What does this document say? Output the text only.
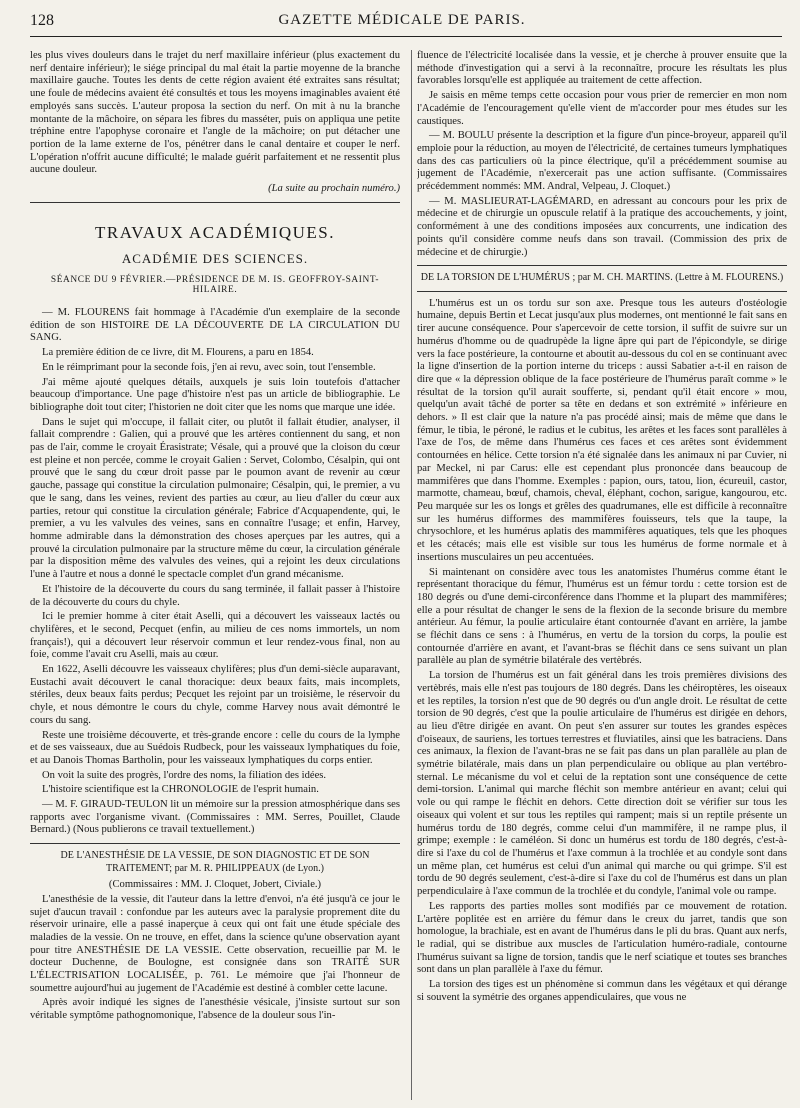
128	GAZETTE MÉDICALE DE PARIS.

les plus vives douleurs dans le trajet du nerf maxillaire inférieur (plus exactement du nerf dentaire inférieur); le siége principal du mal était la partie moyenne de la branche maxillaire gauche. Toutes les dents de cette région avaient été extraites sans résultat; une foule de médecins avaient été consultés et tous les moyens imaginables avaient été employés sans succès. L'auteur proposa la section du nerf. On mit à nu la branche montante de la mâchoire, on sépara les fibres du masséter, puis on appliqua une petite tréphine entre l'apophyse coronaire et l'angle de la mâchoire; on put détacher une portion de la lame externe de l'os, pénétrer dans le canal dentaire et couper le nerf. L'opération n'offrit aucune difficulté; le malade guérit parfaitement et ne ressentit plus aucune douleur.

(La suite au prochain numéro.)
TRAVAUX ACADÉMIQUES.
ACADÉMIE DES SCIENCES.
SÉANCE DU 9 FÉVRIER.—PRÉSIDENCE DE M. IS. GEOFFROY-SAINT-HILAIRE.

— M. FLOURENS fait hommage à l'Académie d'un exemplaire de la seconde édition de son HISTOIRE DE LA DÉCOUVERTE DE LA CIRCULATION DU SANG.

La première édition de ce livre, dit M. Flourens, a paru en 1854.

En le réimprimant pour la seconde fois, j'en ai revu, avec soin, tout l'ensemble.

J'ai même ajouté quelques détails, auxquels je suis loin toutefois d'attacher beaucoup d'importance. Une page d'histoire n'est pas un article de bibliographie. Le bibliographe doit tout citer; l'historien ne doit citer que les noms que marque une idée.

Dans le sujet qui m'occupe, il fallait citer, ou plutôt il fallait étudier, analyser, il fallait comprendre : Galien, qui a prouvé que les artères contiennent du sang, et non pas de l'air, comme le croyait Érasistrate; Vésale, qui a prouvé que la cloison du cœur est pleine et non percée, comme le croyait Galien : Servet, Colombo, Césalpin, qui ont prouvé que le sang du cœur droit passe par le poumon avant de revenir au cœur gauche, passage qui constitue la circulation pulmonaire; Césalpin, qui, le premier, a vu que le sang, dans les veines, revient des parties au cœur, au lieu d'aller du cœur aux parties, retour qui constitue la circulation générale; Fabrice d'Acquapendente, qui, le premier, a vu les valvules des veines, sans en connaître l'usage; et enfin, Harvey, homme admirable dans la démonstration des choses aperçues par les autres, qui a prouvé la circulation pulmonaire par la structure même du cœur, la circulation générale par la disposition même des valvules des veines, qui a rejoint les deux circulations l'une à l'autre et nous a donné le spectacle complet d'un grand mécanisme.

Et l'histoire de la découverte du cours du sang terminée, il fallait passer à l'histoire de la découverte du cours du chyle.

Ici le premier homme à citer était Aselli, qui a découvert les vaisseaux lactés ou chylifères, et le second, Pecquet (enfin, au milieu de ces noms immortels, un nom français!), qui a découvert leur réservoir commun et leur rendez-vous final, non au foie, comme l'avait cru Aselli, mais au cœur.

En 1622, Aselli découvre les vaisseaux chylifères; plus d'un demi-siècle auparavant, Eustachi avait découvert le canal thoracique: deux beaux faits, mais incomplets, stériles, deux beaux faits perdus; Pecquet les rejoint par un troisième, le réservoir du chyle, et nous démontre le cours du chyle, comme Harvey nous avait démontré le cours du sang.

Reste une troisième découverte, et très-grande encore : celle du cours de la lymphe et de ses vaisseaux, due au Suédois Rudbeck, pour les vaisseaux lymphatiques du foie, et au Danois Thomas Bartholin, pour les vaisseaux lymphatiques du corps entier.

On voit la suite des progrès, l'ordre des noms, la filiation des idées.

L'histoire scientifique est la CHRONOLOGIE de l'esprit humain.

— M. F. GIRAUD-TEULON lit un mémoire sur la pression atmosphérique dans ses rapports avec l'organisme vivant. (Commissaires : MM. Serres, Pouillet, Claude Bernard.) (Nous publierons ce travail textuellement.)

DE L'ANESTHÉSIE DE LA VESSIE, DE SON DIAGNOSTIC ET DE SON TRAITEMENT; par M. R. PHILIPPEAUX (de Lyon.)

(Commissaires : MM. J. Cloquet, Jobert, Civiale.)

L'anesthésie de la vessie, dit l'auteur dans la lettre d'envoi, n'a été jusqu'à ce jour le sujet d'aucun travail : confondue par les auteurs avec la paralysie proprement dite du réservoir urinaire, elle a passé inaperçue à ceux qui ont fait une étude spéciale des maladies de la vessie. On ne trouve, en effet, dans la science qu'une observation ayant pour titre ANESTHÉSIE DE LA VESSIE. Cette observation, recueillie par M. le docteur Duchenne, de Boulogne, est consignée dans son TRAITÉ SUR L'ÉLECTRISATION LOCALISÉE, p. 761. Le mémoire que j'ai l'honneur de soumettre aujourd'hui au jugement de l'Académie est destiné à combler cette lacune.

Après avoir indiqué les signes de l'anesthésie vésicale, j'insiste surtout sur son véritable symptôme pathognomonique, l'absence de la douleur sous l'in-

fluence de l'électricité localisée dans la vessie, et je cherche à prouver ensuite que la méthode d'investigation qui a servi à la reconnaître, procure les résultats les plus favorables lorsqu'elle est appliquée au traitement de cette affection.

Je saisis en même temps cette occasion pour vous prier de remercier en mon nom l'Académie de l'encouragement qu'elle vient de m'accorder pour mes études sur les caustiques.

— M. BOULU présente la description et la figure d'un pince-broyeur, appareil qu'il emploie pour la réduction, au moyen de l'électricité, de certaines tumeurs lymphatiques dans des cas particuliers où la pince électrique, qu'il a précédemment soumise au jugement de l'Académie, n'exercerait pas une action suffisante. (Commissaires précédemment nommés: MM. Andral, Velpeau, J. Cloquet.)

— M. MASLIEURAT-LAGÉMARD, en adressant au concours pour les prix de médecine et de chirurgie un opuscule relatif à la pratique des accouchements, y joint, conformément à une des conditions imposées aux concurrents, une indication des points qu'il considère comme neufs dans son travail. (Commission des prix de médecine et de chirurgie.)

DE LA TORSION DE L'HUMÉRUS ; par M. CH. MARTINS. (Lettre à M. FLOURENS.)

L'humérus est un os tordu sur son axe. Presque tous les auteurs d'ostéologie humaine, depuis Bertin et Lecat jusqu'aux plus modernes, ont mentionné le fait sans en tirer aucune conséquence. Pour s'apercevoir de cette torsion, il suffit de suivre sur un humérus d'homme ou de quadrupède la ligne âpre qui part de l'épicondyle, se dirige vers la face postérieure, la contourne et aboutit au-dessous du col en se continuant avec la ligne d'insertion de la portion interne du triceps : aussi Sabatier a-t-il en raison de dire que « la dépression oblique de la face postérieure de l'humérus paraît comme » le résultat de la torsion qu'il aurait soufferte, si, pendant qu'il était encore » mou, quelqu'un avait tâché de porter sa tête en dedans et son extrémité » inférieure en dehors. » Il est clair que la nature n'a pas procédé ainsi; mais de même que dans le fémur, le tibia, le péroné, le radius et le cubitus, les arêtes et les faces sont parallèles à l'axe de l'os, de même dans l'humérus ces faces et ces arêtes sont évidemment contournées en hélice. Cette torsion n'a été signalée dans les animaux ni par Cuvier, ni par Meckel, ni par Carus: elle est cependant plus prononcée dans beaucoup de mammifères que dans l'homme. Exemples : papion, ours, tatou, lion, écureuil, castor, marmotte, chameau, bœuf, chamois, cheval, éléphant, cochon, sarigue, kangourou, etc. Peu marquée sur les os longs et grêles des quadrumanes, elle est difficile à reconnaître sur les humérus difformes des mammifères fouisseurs, tels que la taupe, la chrysochlore, et les humérus aplatis des mammifères aquatiques, tels que les phoques et les cétacés; mais elle est visible sur tous les humérus de forme normale et à insertions musculaires un peu accentuées.

Si maintenant on considère avec tous les anatomistes l'humérus comme étant le représentant thoracique du fémur, l'humérus est un fémur tordu : cette torsion est de 180 degrés ou d'une demi-circonférence dans l'homme et la plupart des mammifères; elle a pour résultat de changer le sens de la flexion de la seconde brisure du membre antérieur. Au fémur, la poulie articulaire étant contournée d'avant en arrière, la jambe se fléchit dans ce sens : à l'humérus, en vertu de la torsion du corps, la poulie est contournée d'arrière en avant, et l'avant-bras se fléchit dans ce sens suivant un plan parallèle au plan de symétrie bilatérale des vertèbrés.

La torsion de l'humérus est un fait général dans les trois premières divisions des vertèbrés, mais elle n'est pas toujours de 180 degrés. Dans les chéiroptères, les oiseaux et les reptiles, la torsion n'est que de 90 degrés ou d'un angle droit. Le résultat de cette torsion de 90 degrés, c'est que la poulie articulaire de l'humérus est dirigée en dehors, au lieu d'être dirigée en avant. On peut s'en assurer sur toutes les grandes espèces d'oiseaux, de sauriens, les tortues terrestres et fluviatiles, ainsi que les batraciens. Dans ces animaux, la flexion de l'avant-bras ne se fait pas dans un plan parallèle au plan de symétrie bilatérale, mais dans un plan perpendiculaire ou oblique au plan vertébro-sternal. Le mécanisme du vol et celui de la reptation sont une conséquence de cette demi-torsion. L'animal qui marche fléchit son membre antérieur en avant; celui qui vole ou qui rampe le fléchit en dehors. Cette direction doit se vérifier sur tous les oiseaux qui volent et sur tous les reptiles qui rampent; mais si un reptile présente un humérus tordu de 180 degrés, comme celui d'un mammifère, il ne rampe plus, il grimpe; exemple : le caméléon. Si donc un humérus est tordu de 180 degrés, c'est-à-dire si l'axe du col de l'humérus et l'axe commun à la trochlée et au condyle sont dans un même plan, cet humérus est celui d'un animal qui marche ou qui grimpe. S'il est tordu de 90 degrés seulement, c'est-à-dire si l'axe du col de l'humérus est dans un plan perpendiculaire à l'axe commun de la trochlée et du condyle, l'animal vole ou rampe.

Les rapports des parties molles sont modifiés par ce mouvement de rotation. L'artère poplitée est en arrière du fémur dans le creux du jarret, tandis que son homologue, la brachiale, est en avant de l'humérus dans le pli du bras. Quant aux nerfs, le radial, qui se distribue aux muscles de l'articulation huméro-radiale, contourne l'humérus suivant sa ligne de torsion, tandis que le nerf sciatique et toutes ses branches sont dans un plan parallèle à l'axe du fémur.

La torsion des tiges est un phénomène si commun dans les végétaux et qui dérange si souvent la symétrie des organes appendiculaires, que vous ne
